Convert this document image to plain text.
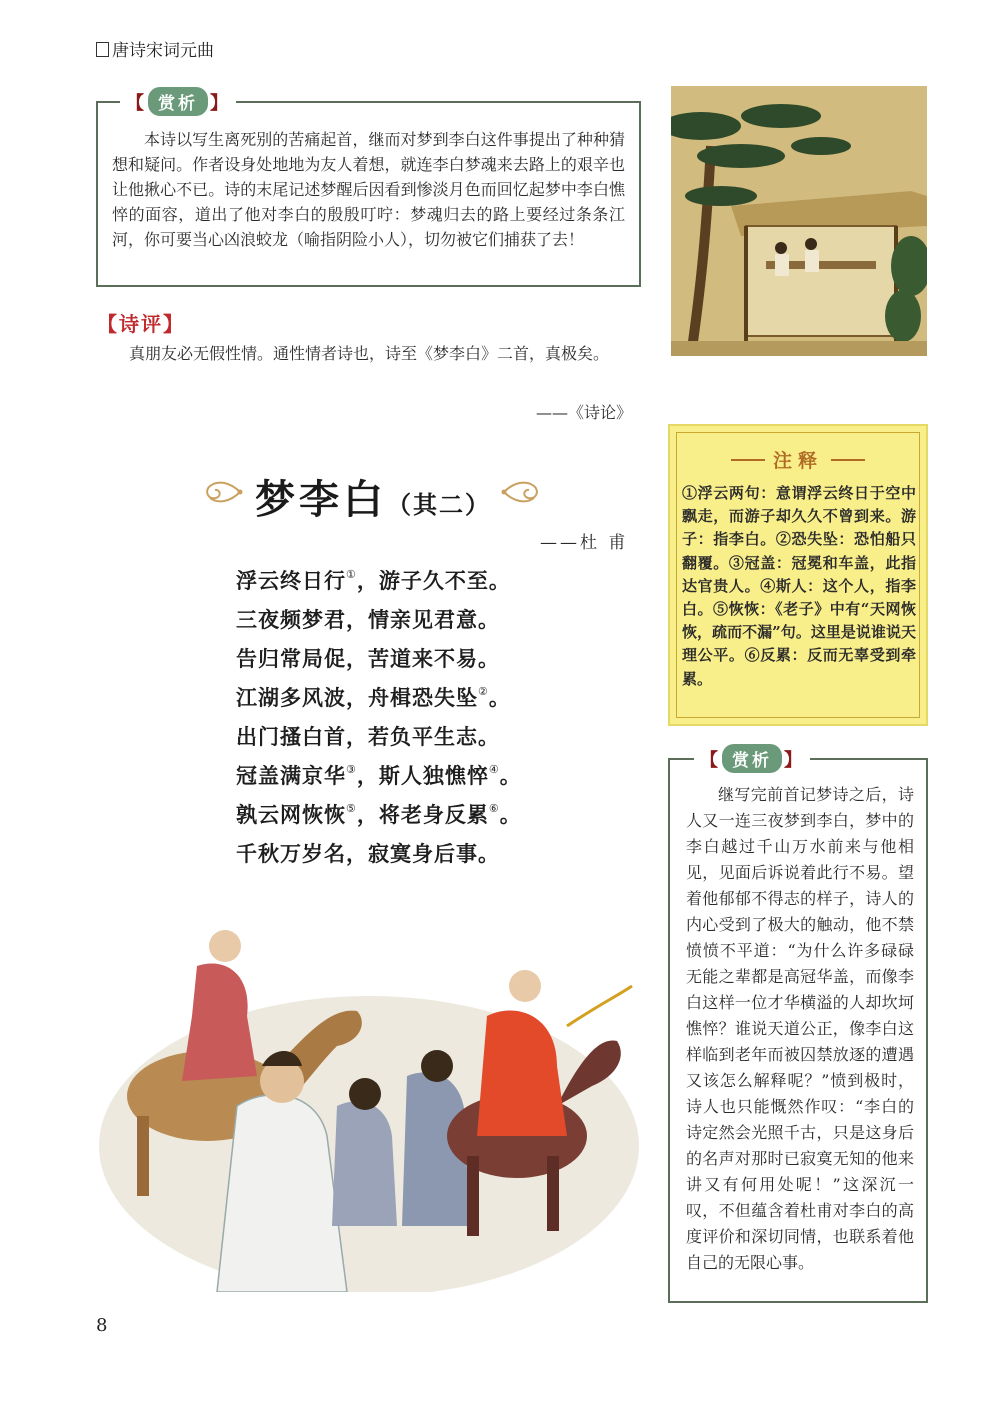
唐诗宋词元曲
【 赏析 】
本诗以写生离死别的苦痛起首，继而对梦到李白这件事提出了种种猜想和疑问。作者设身处地地为友人着想，就连李白梦魂来去路上的艰辛也让他揪心不已。诗的末尾记述梦醒后因看到惨淡月色而回忆起梦中李白憔悴的面容，道出了他对李白的殷殷叮咛：梦魂归去的路上要经过条条江河，你可要当心凶浪蛟龙（喻指阴险小人），切勿被它们捕获了去！
【诗评】
真朋友必无假性情。通性情者诗也，诗至《梦李白》二首，真极矣。
——《诗论》
注释
①浮云两句：意谓浮云终日于空中飘走，而游子却久久不曾到来。游子：指李白。②恐失坠：恐怕船只翻覆。③冠盖：冠冕和车盖，此指达官贵人。④斯人：这个人，指李白。⑤恢恢：《老子》中有“天网恢恢，疏而不漏”句。这里是说谁说天理公平。⑥反累：反而无辜受到牵累。
梦李白（其二）
——杜 甫
浮云终日行①，游子久不至。
三夜频梦君，情亲见君意。
告归常局促，苦道来不易。
江湖多风波，舟楫恐失坠②。
出门搔白首，若负平生志。
冠盖满京华③，斯人独憔悴④。
孰云网恢恢⑤，将老身反累⑥。
千秋万岁名，寂寞身后事。
【 赏析 】
继写完前首记梦诗之后，诗人又一连三夜梦到李白，梦中的李白越过千山万水前来与他相见，见面后诉说着此行不易。望着他郁郁不得志的样子，诗人的内心受到了极大的触动，他不禁愤愤不平道：“为什么许多碌碌无能之辈都是高冠华盖，而像李白这样一位才华横溢的人却坎坷憔悴？谁说天道公正，像李白这样临到老年而被囚禁放逐的遭遇又该怎么解释呢？”愤到极时，诗人也只能慨然作叹：“李白的诗定然会光照千古，只是这身后的名声对那时已寂寞无知的他来讲又有何用处呢！”这深沉一叹，不但蕴含着杜甫对李白的高度评价和深切同情，也联系着他自己的无限心事。
8
